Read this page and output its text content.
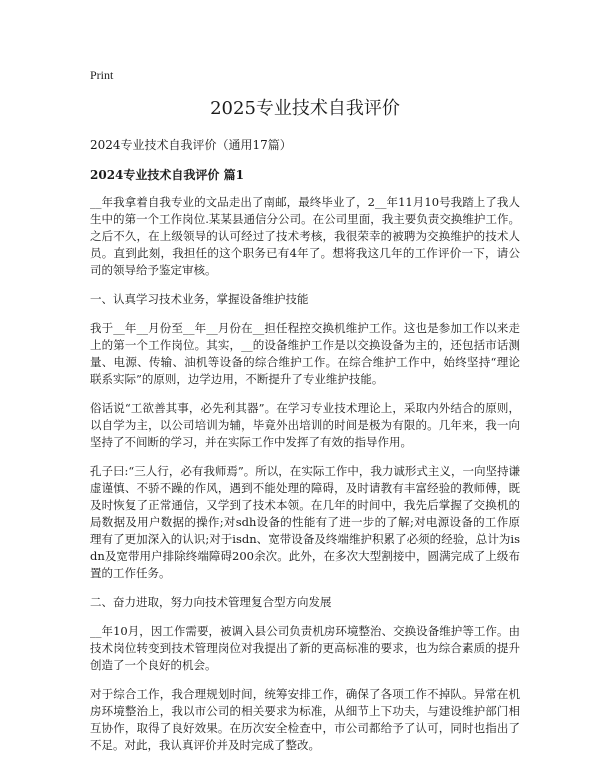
Print
2025专业技术自我评价
2024专业技术自我评价（通用17篇）
2024专业技术自我评价 篇1

__年我拿着自我专业的文品走出了南邮，最终毕业了，2__年11月10号我踏上了我人生中的第一个工作岗位.某某县通信分公司。在公司里面，我主要负责交换维护工作。之后不久，在上级领导的认可经过了技术考核，我很荣幸的被聘为交换维护的技术人员。直到此刻，我担任的这个职务已有4年了。想将我这几年的工作评价一下，请公司的领导给予鉴定审核。

一、认真学习技术业务，掌握设备维护技能

我于__年__月份至__年__月份在__担任程控交换机维护工作。这也是参加工作以来走上的第一个工作岗位。其实，__的设备维护工作是以交换设备为主的，还包括市话测量、电源、传输、油机等设备的综合维护工作。在综合维护工作中，始终坚持“理论联系实际”的原则，边学边用，不断提升了专业维护技能。

俗话说“工欲善其事，必先利其器”。在学习专业技术理论上，采取内外结合的原则，以自学为主，以公司培训为辅，毕竟外出培训的时间是极为有限的。几年来，我一向坚持了不间断的学习，并在实际工作中发挥了有效的指导作用。

孔子曰:“三人行，必有我师焉”。所以，在实际工作中，我力诚形式主义，一向坚持谦虚谨慎、不骄不躁的作风，遇到不能处理的障碍，及时请教有丰富经验的教师傅，既及时恢复了正常通信，又学到了技术本领。在几年的时间中，我先后掌握了交换机的局数据及用户数据的操作;对sdh设备的性能有了进一步的了解;对电源设备的工作原理有了更加深入的认识;对于isdn、宽带设备及终端维护积累了必须的经验，总计为isdn及宽带用户排除终端障碍200余次。此外，在多次大型割接中，圆满完成了上级布置的工作任务。

二、奋力进取，努力向技术管理复合型方向发展

__年10月，因工作需要，被调入县公司负责机房环境整治、交换设备维护等工作。由技术岗位转变到技术管理岗位对我提出了新的更高标准的要求，也为综合素质的提升创造了一个良好的机会。

对于综合工作，我合理规划时间，统筹安排工作，确保了各项工作不掉队。异常在机房环境整治上，我以市公司的相关要求为标准，从细节上下功夫，与建设维护部门相互协作，取得了良好效果。在历次安全检查中，市公司都给予了认可，同时也指出了不足。对此，我认真评价并及时完成了整改。
